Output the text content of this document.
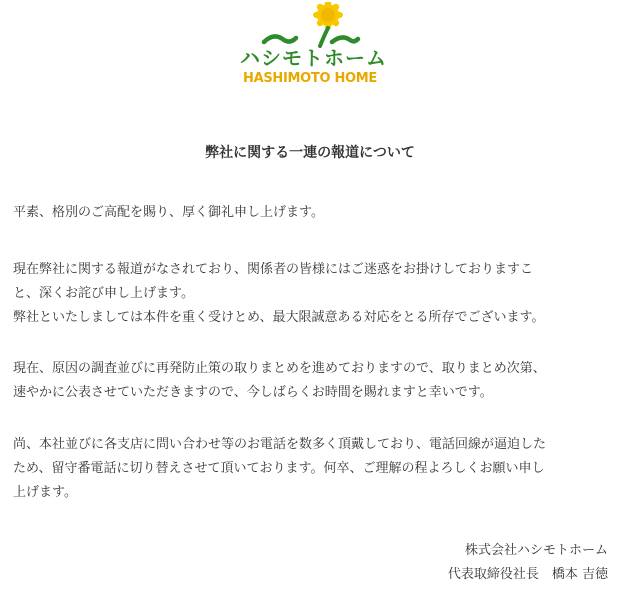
ハシモトホーム
HASHIMOTO HOME
弊社に関する一連の報道について

平素、格別のご高配を賜り、厚く御礼申し上げます。

現在弊社に関する報道がなされており、関係者の皆様にはご迷惑をお掛けしておりますこ
と、深くお詫び申し上げます。
弊社といたしましては本件を重く受けとめ、最大限誠意ある対応をとる所存でございます。

現在、原因の調査並びに再発防止策の取りまとめを進めておりますので、取りまとめ次第、
速やかに公表させていただきますので、今しばらくお時間を賜れますと幸いです。

尚、本社並びに各支店に問い合わせ等のお電話を数多く頂戴しており、電話回線が逼迫した
ため、留守番電話に切り替えさせて頂いております。何卒、ご理解の程よろしくお願い申し
上げます。

株式会社ハシモトホーム
代表取締役社長　橋本 吉徳
